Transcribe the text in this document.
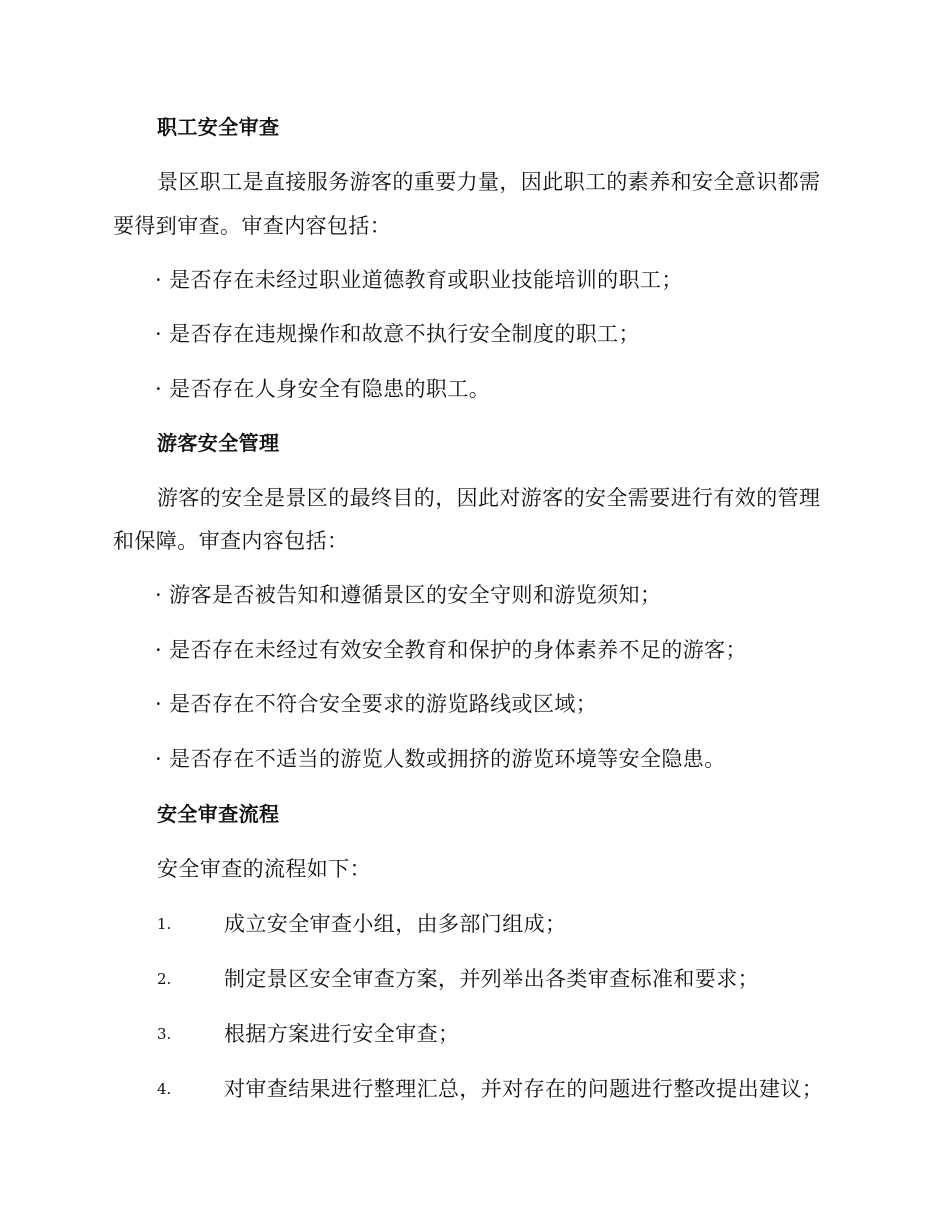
职工安全审查
景区职工是直接服务游客的重要力量，因此职工的素养和安全意识都需
要得到审查。审查内容包括：
· 是否存在未经过职业道德教育或职业技能培训的职工；
· 是否存在违规操作和故意不执行安全制度的职工；
· 是否存在人身安全有隐患的职工。
游客安全管理
游客的安全是景区的最终目的，因此对游客的安全需要进行有效的管理
和保障。审查内容包括：
· 游客是否被告知和遵循景区的安全守则和游览须知；
· 是否存在未经过有效安全教育和保护的身体素养不足的游客；
· 是否存在不符合安全要求的游览路线或区域；
· 是否存在不适当的游览人数或拥挤的游览环境等安全隐患。
安全审查流程
安全审查的流程如下：
1.	成立安全审查小组，由多部门组成；
2.	制定景区安全审查方案，并列举出各类审查标准和要求；
3.	根据方案进行安全审查；
4.	对审查结果进行整理汇总，并对存在的问题进行整改提出建议；
